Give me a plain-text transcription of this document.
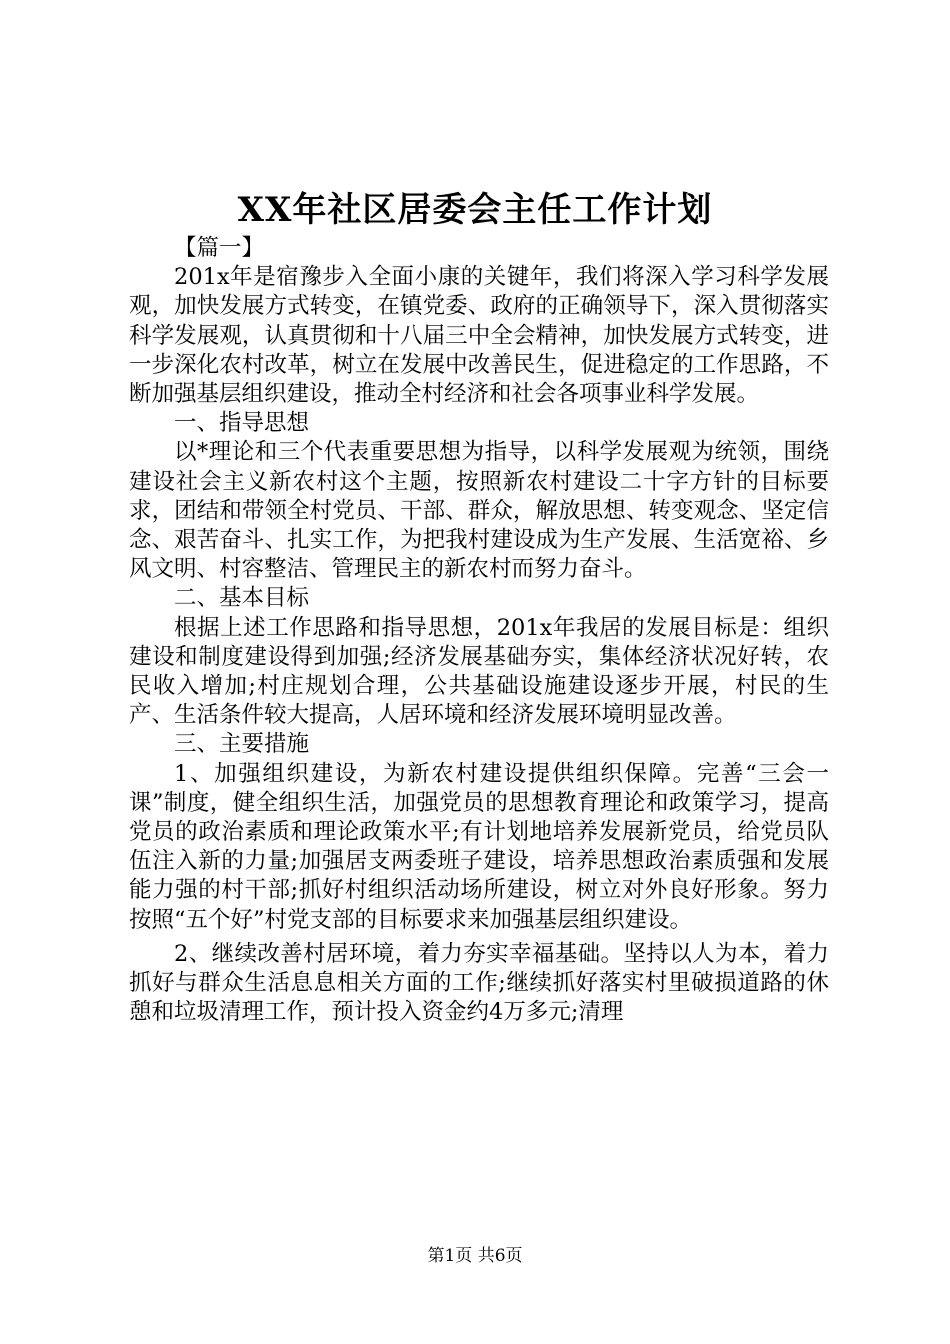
XX年社区居委会主任工作计划

【篇一】

201x年是宿豫步入全面小康的关键年，我们将深入学习科学发展观，加快发展方式转变，在镇党委、政府的正确领导下，深入贯彻落实科学发展观，认真贯彻和十八届三中全会精神，加快发展方式转变，进一步深化农村改革，树立在发展中改善民生，促进稳定的工作思路，不断加强基层组织建设，推动全村经济和社会各项事业科学发展。

一、指导思想

以*理论和三个代表重要思想为指导，以科学发展观为统领，围绕建设社会主义新农村这个主题，按照新农村建设二十字方针的目标要求，团结和带领全村党员、干部、群众，解放思想、转变观念、坚定信念、艰苦奋斗、扎实工作，为把我村建设成为生产发展、生活宽裕、乡风文明、村容整洁、管理民主的新农村而努力奋斗。

二、基本目标

根据上述工作思路和指导思想，201x年我居的发展目标是：组织建设和制度建设得到加强;经济发展基础夯实，集体经济状况好转，农民收入增加;村庄规划合理，公共基础设施建设逐步开展，村民的生产、生活条件较大提高，人居环境和经济发展环境明显改善。

三、主要措施

1、加强组织建设，为新农村建设提供组织保障。完善“三会一课”制度，健全组织生活，加强党员的思想教育理论和政策学习，提高党员的政治素质和理论政策水平;有计划地培养发展新党员，给党员队伍注入新的力量;加强居支两委班子建设，培养思想政治素质强和发展能力强的村干部;抓好村组织活动场所建设，树立对外良好形象。努力按照“五个好”村党支部的目标要求来加强基层组织建设。

2、继续改善村居环境，着力夯实幸福基础。坚持以人为本，着力抓好与群众生活息息相关方面的工作;继续抓好落实村里破损道路的休憩和垃圾清理工作，预计投入资金约4万多元;清理

第1页 共6页
